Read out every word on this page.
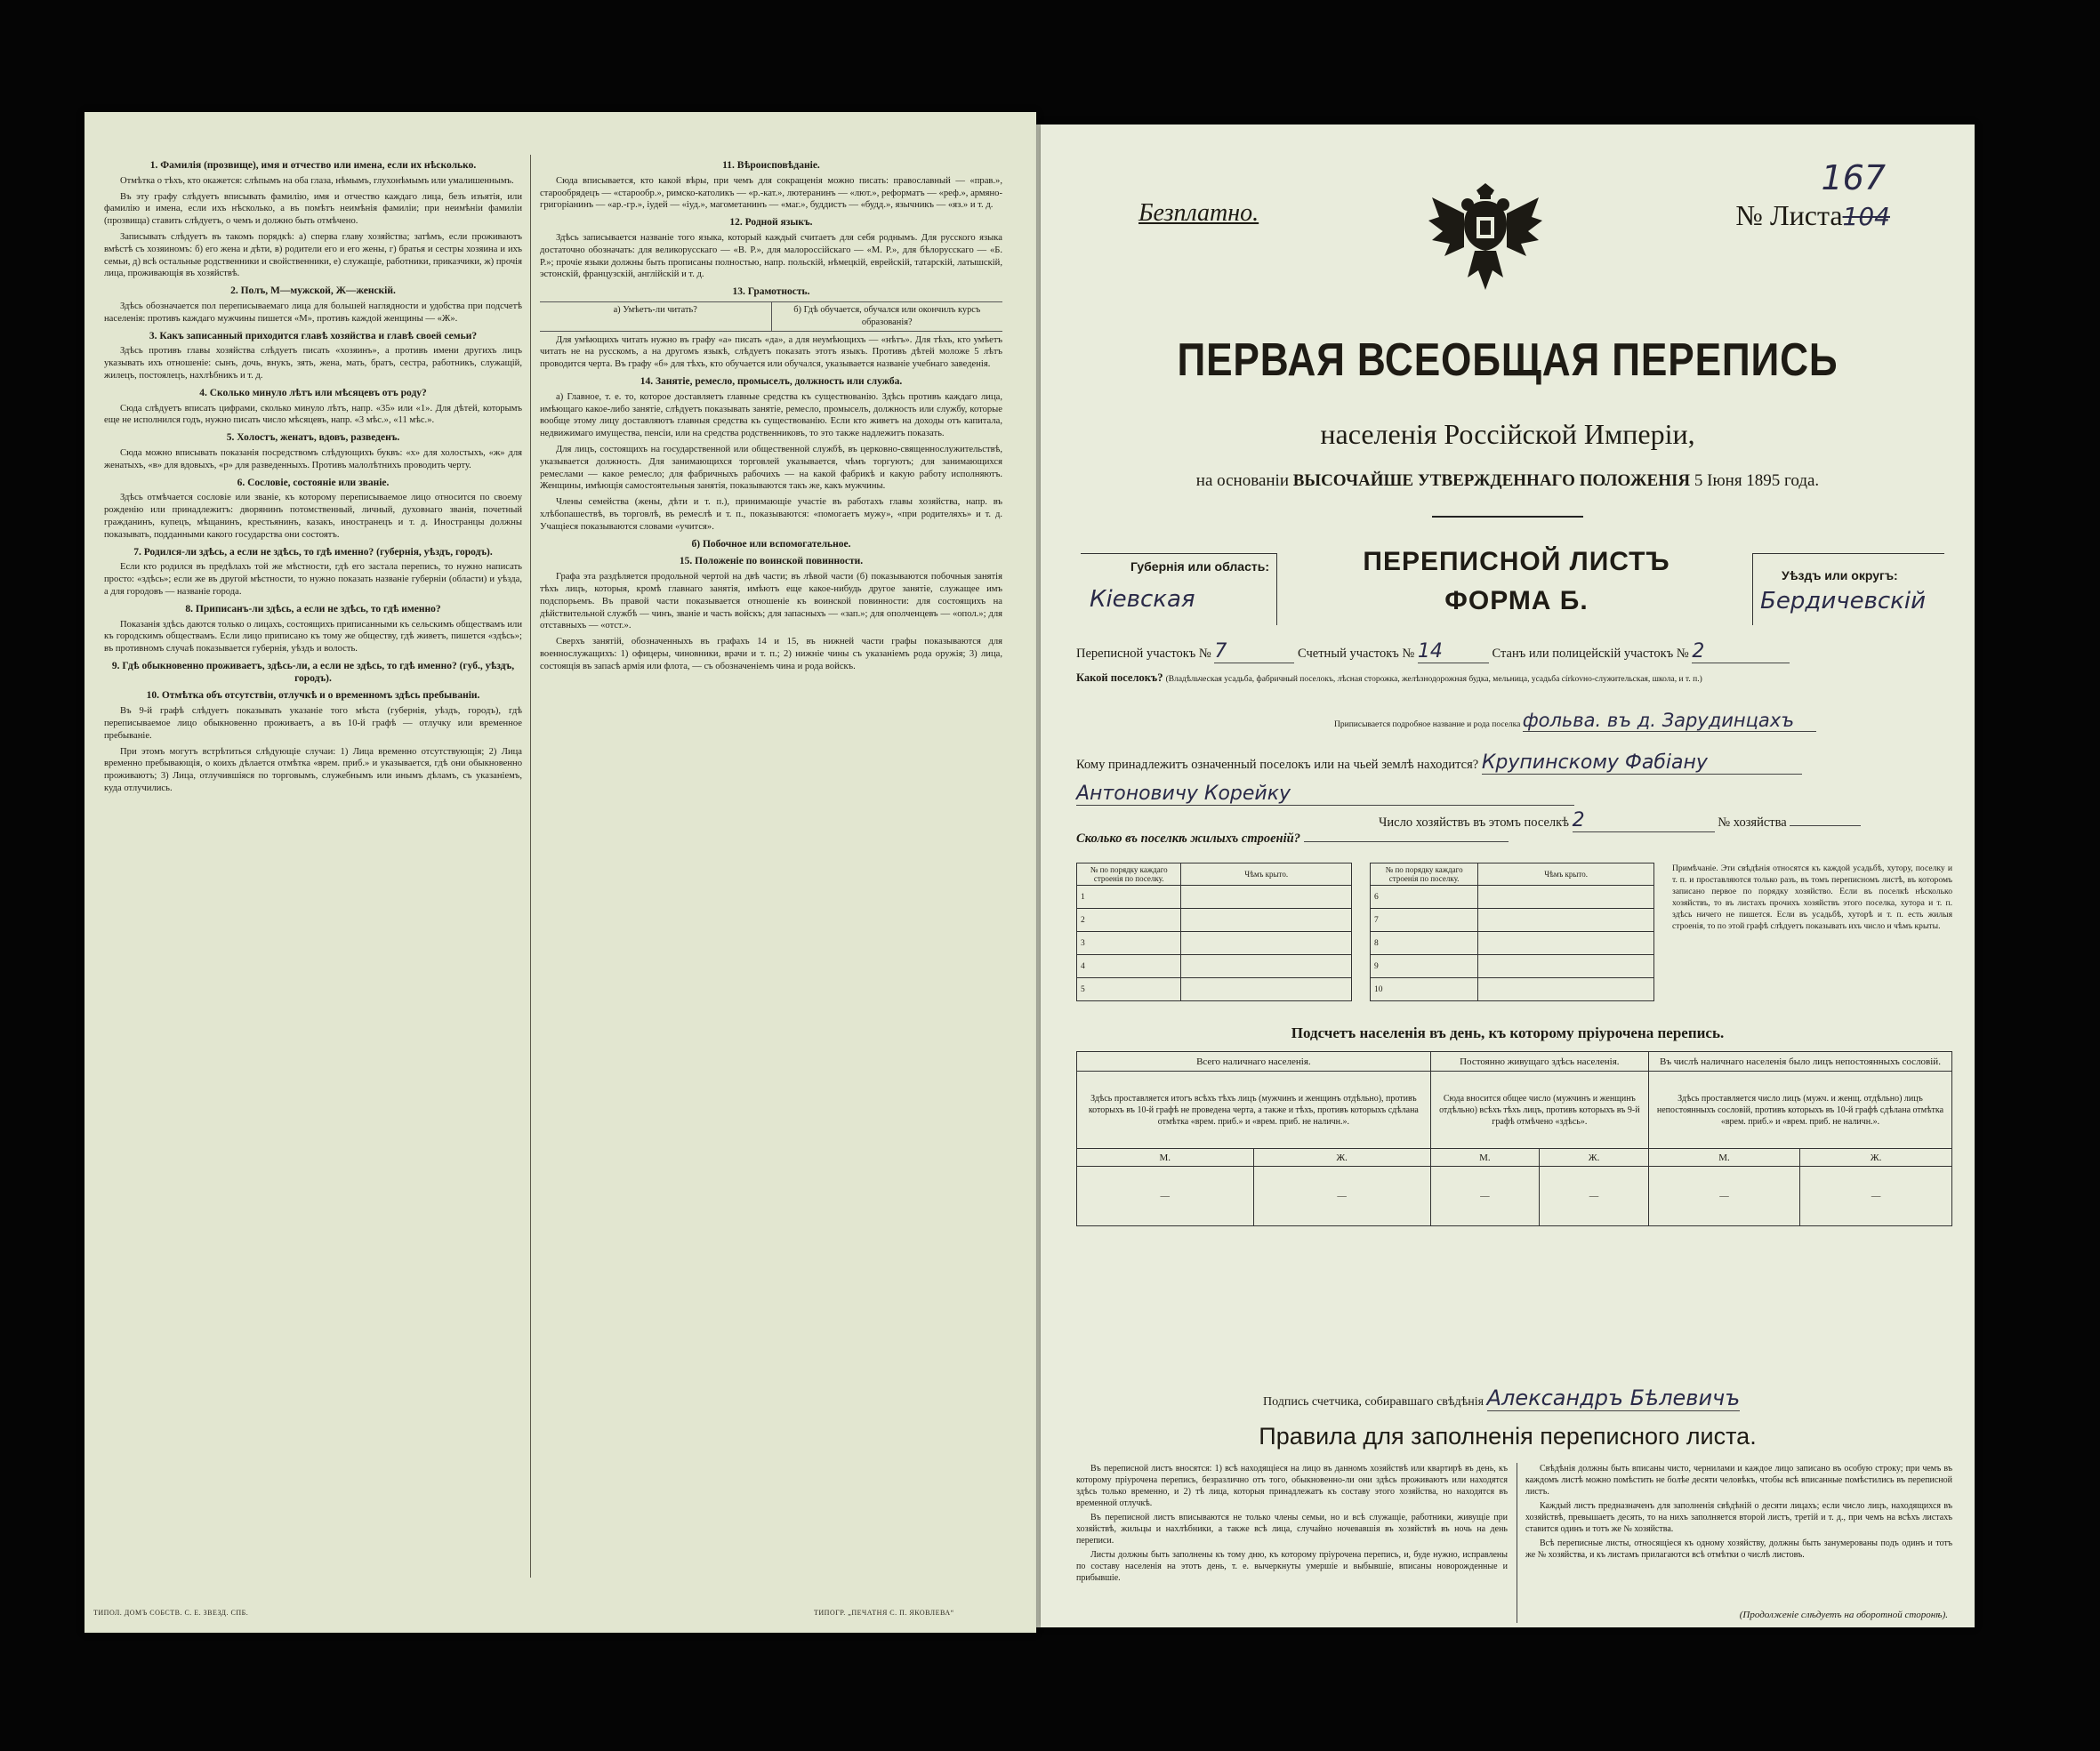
1. Фамилія (прозвище), имя и отчество или имена, если их нѣсколько.

Отмѣтка о тѣхъ, кто окажется: слѣпымъ на оба глаза, нѣмымъ, глухонѣмымъ или умалишеннымъ.

Въ эту графу слѣдуетъ вписывать фамилію, имя и отчество каждаго лица, безъ изъятія, или фамилію и имена, если ихъ нѣсколько, а въ помѣтъ неимѣнія фамиліи; при неимѣніи фамиліи (прозвища) ставить слѣдуетъ, о чемъ и должно быть отмѣчено.

Записывать слѣдуетъ въ такомъ порядкѣ: а) сперва главу хозяйства; затѣмъ, если проживаютъ вмѣстѣ съ хозяиномъ: б) его жена и дѣти, в) родители его и его жены, г) братья и сестры хозяина и ихъ семьи, д) всѣ остальные родственники и свойственники, е) служащіе, работники, приказчики, ж) прочія лица, проживающія въ хозяйствѣ.

2. Полъ, М—мужской, Ж—женскій.

Здѣсь обозначается пол переписываемаго лица для большей наглядности и удобства при подсчетѣ населенія: противъ каждаго мужчины пишется «М», противъ каждой женщины — «Ж».

3. Какъ записанный приходится главѣ хозяйства и главѣ своей семьи?

Здѣсь противъ главы хозяйства слѣдуетъ писать «хозяинъ», а противъ имени другихъ лицъ указывать ихъ отношеніе: сынъ, дочь, внукъ, зять, жена, мать, братъ, сестра, работникъ, служащій, жилецъ, постоялецъ, нахлѣбникъ и т. д.

4. Сколько минуло лѣтъ или мѣсяцевъ отъ роду?

Сюда слѣдуетъ вписать цифрами, сколько минуло лѣтъ, напр. «35» или «1». Для дѣтей, которымъ еще не исполнился годъ, нужно писать число мѣсяцевъ, напр. «3 мѣс.», «11 мѣс.».

5. Холостъ, женатъ, вдовъ, разведенъ.

Сюда можно вписывать показанія посредствомъ слѣдующихъ буквъ: «х» для холостыхъ, «ж» для женатыхъ, «в» для вдовыхъ, «р» для разведенныхъ. Противъ малолѣтнихъ проводить черту.

6. Сословіе, состояніе или званіе.

Здѣсь отмѣчается сословіе или званіе, къ которому переписываемое лицо относится по своему рожденію или принадлежитъ: дворянинъ потомственный, личный, духовнаго званія, почетный гражданинъ, купецъ, мѣщанинъ, крестьянинъ, казакъ, иностранецъ и т. д. Иностранцы должны показывать, подданными какого государства они состоятъ.

7. Родился-ли здѣсь, а если не здѣсь, то гдѣ именно? (губернія, уѣздъ, городъ).

Если кто родился въ предѣлахъ той же мѣстности, гдѣ его застала перепись, то нужно написать просто: «здѣсь»; если же въ другой мѣстности, то нужно показать названіе губерніи (области) и уѣзда, а для городовъ — названіе города.

8. Приписанъ-ли здѣсь, а если не здѣсь, то гдѣ именно?

Показанія здѣсь даются только о лицахъ, состоящихъ приписанными къ сельскимъ обществамъ или къ городскимъ обществамъ. Если лицо приписано къ тому же обществу, гдѣ живетъ, пишется «здѣсь»; въ противномъ случаѣ показывается губернія, уѣздъ и волость.

9. Гдѣ обыкновенно проживаетъ, здѣсь-ли, а если не здѣсь, то гдѣ именно? (губ., уѣздъ, городъ).
10. Отмѣтка объ отсутствіи, отлучкѣ и о временномъ здѣсь пребываніи.

Въ 9-й графѣ слѣдуетъ показывать указаніе того мѣста (губернія, уѣздъ, городъ), гдѣ переписываемое лицо обыкновенно проживаетъ, а въ 10-й графѣ — отлучку или временное пребываніе.

При этомъ могутъ встрѣтиться слѣдующіе случаи: 1) Лица временно отсутствующія; 2) Лица временно пребывающія, о коихъ дѣлается отмѣтка «врем. приб.» и указывается, гдѣ они обыкновенно проживаютъ; 3) Лица, отлучившіяся по торговымъ, служебнымъ или инымъ дѣламъ, съ указаніемъ, куда отлучились.

11. Вѣроисповѣданіе.

Сюда вписывается, кто какой вѣры, при чемъ для сокращенія можно писать: православный — «прав.», старообрядецъ — «старообр.», римско-католикъ — «р.-кат.», лютеранинъ — «лют.», реформатъ — «реф.», армяно-григоріанинъ — «ар.-гр.», іудей — «іуд.», магометанинъ — «маг.», буддистъ — «будд.», язычникъ — «яз.» и т. д.

12. Родной языкъ.

Здѣсь записывается названіе того языка, который каждый считаетъ для себя роднымъ. Для русского языка достаточно обозначать: для великорусскаго — «В. Р.», для малороссійскаго — «М. Р.», для бѣлорусскаго — «Б. Р.»; прочіе языки должны быть прописаны полностью, напр. польскій, нѣмецкій, еврейскій, татарскій, латышскій, эстонскій, французскій, англійскій и т. д.

13. Грамотность.
а) Умѣетъ-ли читать?	б) Гдѣ обучается, обучался или окончилъ курсъ образованія?

Для умѣющихъ читать нужно въ графу «а» писать «да», а для неумѣющихъ — «нѣтъ». Для тѣхъ, кто умѣетъ читать не на русскомъ, а на другомъ языкѣ, слѣдуетъ показать этотъ языкъ. Противъ дѣтей моложе 5 лѣтъ проводится черта. Въ графу «б» для тѣхъ, кто обучается или обучался, указывается названіе учебнаго заведенія.

14. Занятіе, ремесло, промыселъ, должность или служба.

а) Главное, т. е. то, которое доставляетъ главные средства къ существованію. Здѣсь противъ каждаго лица, имѣющаго какое-либо занятіе, слѣдуетъ показывать занятіе, ремесло, промыселъ, должность или службу, которые вообще этому лицу доставляютъ главныя средства къ существованію. Если кто живетъ на доходы отъ капитала, недвижимаго имущества, пенсіи, или на средства родственниковъ, то это также надлежитъ показать.

Для лицъ, состоящихъ на государственной или общественной службѣ, въ церковно-священнослужительствѣ, указывается должность. Для занимающихся торговлей указывается, чѣмъ торгуютъ; для занимающихся ремеслами — какое ремесло; для фабричныхъ рабочихъ — на какой фабрикѣ и какую работу исполняютъ. Женщины, имѣющія самостоятельныя занятія, показываются такъ же, какъ мужчины.

Члены семейства (жены, дѣти и т. п.), принимающіе участіе въ работахъ главы хозяйства, напр. въ хлѣбопашествѣ, въ торговлѣ, въ ремеслѣ и т. п., показываются: «помогаетъ мужу», «при родителяхъ» и т. д. Учащіеся показываются словами «учится».

б) Побочное или вспомогательное.
15. Положеніе по воинской повинности.

Графа эта раздѣляется продольной чертой на двѣ части; въ лѣвой части (б) показываются побочныя занятія тѣхъ лицъ, которыя, кромѣ главнаго занятія, имѣютъ еще какое-нибудь другое занятіе, служащее имъ подспорьемъ. Въ правой части показывается отношеніе къ воинской повинности: для состоящихъ на дѣйствительной службѣ — чинъ, званіе и часть войскъ; для запасныхъ — «зап.»; для ополченцевъ — «опол.»; для отставныхъ — «отст.».

Сверхъ занятій, обозначенныхъ въ графахъ 14 и 15, въ нижней части графы показываются для военнослужащихъ: 1) офицеры, чиновники, врачи и т. п.; 2) нижніе чины съ указаніемъ рода оружія; 3) лица, состоящія въ запасѣ армія или флота, — съ обозначеніемъ чина и рода войскъ.

ТИПОЛ. ДОМЪ СОБСТВ. С. Е. ЗВЕЗД. СПБ.	ТИПОГР. „ПЕЧАТНЯ С. П. ЯКОВЛЕВА“
167
Безплатно.	№ Листа104
ПЕРВАЯ ВСЕОБЩАЯ ПЕРЕПИСЬ
населенія Россійской Имперіи,
на основаніи ВЫСОЧАЙШЕ УТВЕРЖДЕННАГО ПОЛОЖЕНІЯ 5 Іюня 1895 года.
Губернія или область:
Кіевская
ПЕРЕПИСНОЙ ЛИСТЪ
ФОРМА Б.
Уѣздъ или округъ:
Бердичевскій
Переписной участокъ № 7	Счетный участокъ № 14	Станъ или полицейскій участокъ № 2
Какой поселокъ? (Владѣльческая усадьба, фабричный поселокъ, лѣсная сторожка, желѣзнодорожная будка, мельница, усадьба církovно-служительская, школа, и т. п.)
Приписывается подробное название и рода поселка фольва. въ д. Зарудинцахъ
Кому принадлежитъ означенный поселокъ или на чьей землѣ находится? Крупинскому Фабіану
Антоновичу Корейку
Число хозяйствъ въ этомъ поселкѣ 2	№ хозяйства
Сколько въ поселкѣ жилыхъ строеній?
№ по порядку каждаго строенія по поселку.	Чѣмъ крыто.
1	
2	
3	
4	
5	
№ по порядку каждаго строенія по поселку.	Чѣмъ крыто.
6	
7	
8	
9	
10	
Примѣчаніе. Эти свѣдѣнія относятся къ каждой усадьбѣ, хутору, поселку и т. п. и проставляются только разъ, въ томъ переписномъ листѣ, въ которомъ записано первое по порядку хозяйство. Если въ поселкѣ нѣсколько хозяйствъ, то въ листахъ прочихъ хозяйствъ этого поселка, хутора и т. п. здѣсь ничего не пишется. Если въ усадьбѣ, хуторѣ и т. п. есть жилыя строенія, то по этой графѣ слѣдуетъ показывать ихъ число и чѣмъ крыты.
Подсчетъ населенія въ день, къ которому пріурочена перепись.
Всего наличнаго населенія.		Постоянно живущаго здѣсь населенія.		Въ числѣ наличнаго населенія было лицъ непостоянныхъ сословій.	
Здѣсь проставляется итогъ всѣхъ тѣхъ лицъ (мужчинъ и женщинъ отдѣльно), противъ которыхъ въ 10-й графѣ не проведена черта, а также и тѣхъ, противъ которыхъ сдѣлана отмѣтка «врем. приб.» и «врем. приб. не наличн.».		Сюда вносится общее число (мужчинъ и женщинъ отдѣльно) всѣхъ тѣхъ лицъ, противъ которыхъ въ 9-й графѣ отмѣчено «здѣсь».		Здѣсь проставляется число лицъ (мужч. и женщ. отдѣльно) лицъ непостоянныхъ сословій, противъ которыхъ въ 10-й графѣ сдѣлана отмѣтка «врем. приб.» и «врем. приб. не наличн.».	
М.	Ж.	М.	Ж.	М.	Ж.
—	—	—	—	—	—
Подпись счетчика, собиравшаго свѣдѣнія Александръ Бѣлевичъ
Правила для заполненія переписного листа.

Въ переписной листъ вносятся: 1) всѣ находящіеся на лицо въ данномъ хозяйствѣ или квартирѣ въ день, къ которому пріурочена перепись, безразлично отъ того, обыкновенно-ли они здѣсь проживаютъ или находятся здѣсь только временно, и 2) тѣ лица, которыя принадлежатъ къ составу этого хозяйства, но находятся въ временной отлучкѣ.

Въ переписной листъ вписываются не только члены семьи, но и всѣ служащіе, работники, живущіе при хозяйствѣ, жильцы и нахлѣбники, а также всѣ лица, случайно ночевавшія въ хозяйствѣ въ ночь на день переписи.

Листы должны быть заполнены къ тому дню, къ которому пріурочена перепись, и, буде нужно, исправлены по составу населенія на этотъ день, т. е. вычеркнуты умершіе и выбывшіе, вписаны новорожденные и прибывшіе.

Свѣдѣнія должны быть вписаны чисто, чернилами и каждое лицо записано въ особую строку; при чемъ въ каждомъ листѣ можно помѣстить не болѣе десяти человѣкъ, чтобы всѣ вписанные помѣстились въ переписной листъ.

Каждый листъ предназначенъ для заполненія свѣдѣній о десяти лицахъ; если число лицъ, находящихся въ хозяйствѣ, превышаетъ десять, то на нихъ заполняется второй листъ, третій и т. д., при чемъ на всѣхъ листахъ ставится одинъ и тотъ же № хозяйства.

Всѣ переписные листы, относящіеся къ одному хозяйству, должны быть занумерованы подъ одинъ и тотъ же № хозяйства, и къ листамъ прилагаются всѣ отмѣтки о числѣ листовъ.

(Продолженіе слѣдуетъ на оборотной сторонѣ).
